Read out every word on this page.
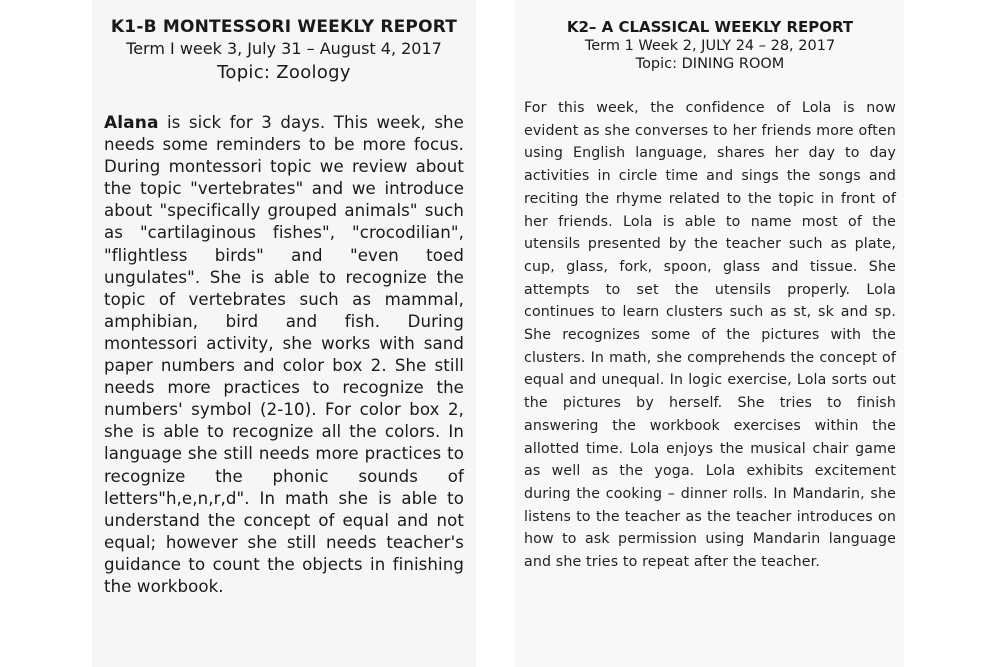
K1-B MONTESSORI WEEKLY REPORT
Term I week 3, July 31 – August 4, 2017
Topic: Zoology
Alana is sick for 3 days. This week, she needs some reminders to be more focus. During montessori topic we review about the topic "vertebrates" and we introduce about "specifically grouped animals" such as "cartilaginous fishes", "crocodilian", "flightless birds" and "even toed ungulates". She is able to recognize the topic of vertebrates such as mammal, amphibian, bird and fish. During montessori activity, she works with sand paper numbers and color box 2. She still needs more practices to recognize the numbers' symbol (2-10). For color box 2, she is able to recognize all the colors. In language she still needs more practices to recognize the phonic sounds of letters"h,e,n,r,d". In math she is able to understand the concept of equal and not equal; however she still needs teacher's guidance to count the objects in finishing the workbook.
K2– A CLASSICAL WEEKLY REPORT
Term 1 Week 2, JULY 24 – 28, 2017
Topic: DINING ROOM
For this week, the confidence of Lola is now evident as she converses to her friends more often using English language, shares her day to day activities in circle time and sings the songs and reciting the rhyme related to the topic in front of her friends. Lola is able to name most of the utensils presented by the teacher such as plate, cup, glass, fork, spoon, glass and tissue. She attempts to set the utensils properly. Lola continues to learn clusters such as st, sk and sp. She recognizes some of the pictures with the clusters. In math, she comprehends the concept of equal and unequal. In logic exercise, Lola sorts out the pictures by herself. She tries to finish answering the workbook exercises within the allotted time. Lola enjoys the musical chair game as well as the yoga. Lola exhibits excitement during the cooking – dinner rolls. In Mandarin, she listens to the teacher as the teacher introduces on how to ask permission using Mandarin language and she tries to repeat after the teacher.
